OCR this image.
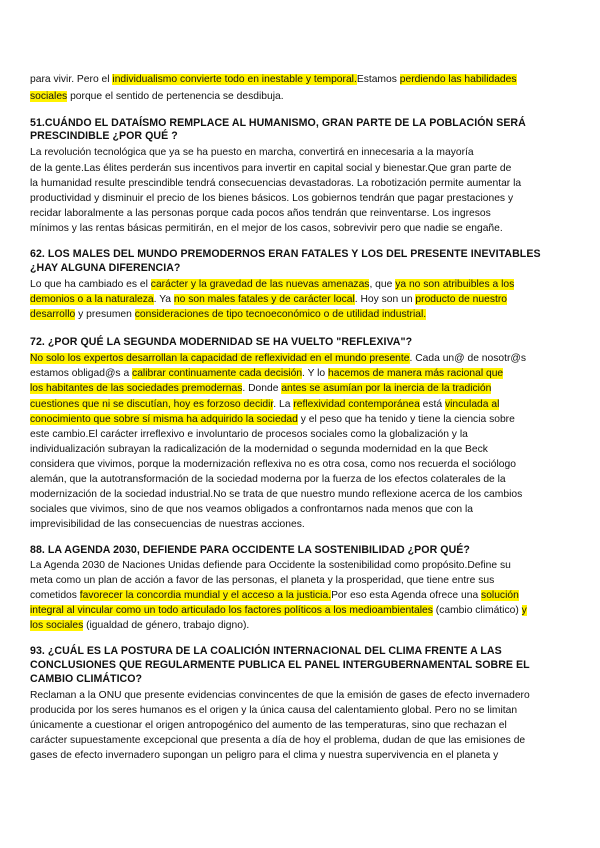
para vivir. Pero el individualismo convierte todo en inestable y temporal.Estamos perdiendo las habilidades
sociales porque el sentido de pertenencia se desdibuja.
51.CUÁNDO EL DATAÍSMO REMPLACE AL HUMANISMO, GRAN PARTE DE LA POBLACIÓN SERÁ
PRESCINDIBLE ¿POR QUÉ ?
La revolución tecnológica que ya se ha puesto en marcha, convertirá en innecesaria a la mayoría
de la gente.Las élites perderán sus incentivos para invertir en capital social y bienestar.Que gran parte de
la humanidad resulte prescindible tendrá consecuencias devastadoras. La robotización permite aumentar la
productividad y disminuir el precio de los bienes básicos. Los gobiernos tendrán que pagar prestaciones y
recidar laboralmente a las personas porque cada pocos años tendrán que reinventarse. Los ingresos
mínimos y las rentas básicas permitirán, en el mejor de los casos, sobrevivir pero que nadie se engañe.
62. LOS MALES DEL MUNDO PREMODERNOS ERAN FATALES Y LOS DEL PRESENTE INEVITABLES
¿HAY ALGUNA DIFERENCIA?
Lo que ha cambiado es el carácter y la gravedad de las nuevas amenazas, que ya no son atribuibles a los
demonios o a la naturaleza. Ya no son males fatales y de carácter local. Hoy son un producto de nuestro
desarrollo y presumen consideraciones de tipo tecnoeconómico o de utilidad industrial.
72. ¿POR QUÉ LA SEGUNDA MODERNIDAD SE HA VUELTO "REFLEXIVA"?
No solo los expertos desarrollan la capacidad de reflexividad en el mundo presente. Cada un@ de nosotr@s
estamos obligad@s a calibrar continuamente cada decisión. Y lo hacemos de manera más racional que
los habitantes de las sociedades premodernas. Donde antes se asumían por la inercia de la tradición
cuestiones que ni se discutían, hoy es forzoso decidir. La reflexividad contemporánea está vinculada al
conocimiento que sobre sí misma ha adquirido la sociedad y el peso que ha tenido y tiene la ciencia sobre
este cambio.El carácter irreflexivo e involuntario de procesos sociales como la globalización y la
individualización subrayan la radicalización de la modernidad o segunda modernidad en la que Beck
considera que vivimos, porque la modernización reflexiva no es otra cosa, como nos recuerda el sociólogo
alemán, que la autotransformación de la sociedad moderna por la fuerza de los efectos colaterales de la
modernización de la sociedad industrial.No se trata de que nuestro mundo reflexione acerca de los cambios
sociales que vivimos, sino de que nos veamos obligados a confrontarnos nada menos que con la
imprevisibilidad de las consecuencias de nuestras acciones.
88. LA AGENDA 2030, DEFIENDE PARA OCCIDENTE LA SOSTENIBILIDAD ¿POR QUÉ?
La Agenda 2030 de Naciones Unidas defiende para Occidente la sostenibilidad como propósito.Define su
meta como un plan de acción a favor de las personas, el planeta y la prosperidad, que tiene entre sus
cometidos favorecer la concordia mundial y el acceso a la justicia.Por eso esta Agenda ofrece una solución
integral al vincular como un todo articulado los factores políticos a los medioambientales (cambio climático) y
los sociales (igualdad de género, trabajo digno).
93. ¿CUÁL ES LA POSTURA DE LA COALICIÓN INTERNACIONAL DEL CLIMA FRENTE A LAS
CONCLUSIONES QUE REGULARMENTE PUBLICA EL PANEL INTERGUBERNAMENTAL SOBRE EL
CAMBIO CLIMÁTICO?
Reclaman a la ONU que presente evidencias convincentes de que la emisión de gases de efecto invernadero
producida por los seres humanos es el origen y la única causa del calentamiento global. Pero no se limitan
únicamente a cuestionar el origen antropogénico del aumento de las temperaturas, sino que rechazan el
carácter supuestamente excepcional que presenta a día de hoy el problema, dudan de que las emisiones de
gases de efecto invernadero supongan un peligro para el clima y nuestra supervivencia en el planeta y
